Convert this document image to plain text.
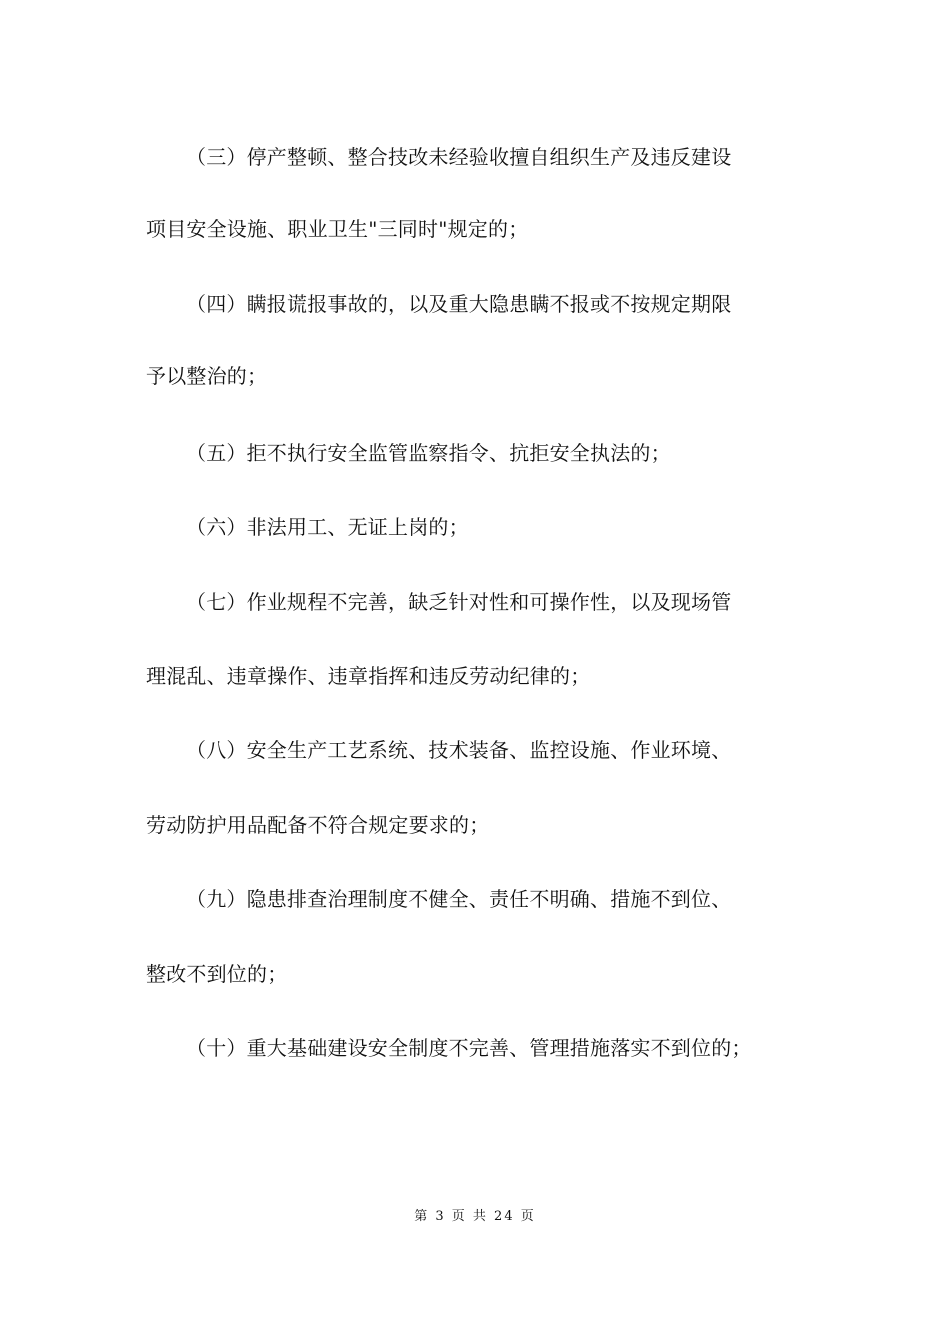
（三）停产整顿、整合技改未经验收擅自组织生产及违反建设
项目安全设施、职业卫生"三同时"规定的；
（四）瞒报谎报事故的，以及重大隐患瞒不报或不按规定期限
予以整治的；
（五）拒不执行安全监管监察指令、抗拒安全执法的；
（六）非法用工、无证上岗的；
（七）作业规程不完善，缺乏针对性和可操作性，以及现场管
理混乱、违章操作、违章指挥和违反劳动纪律的；
（八）安全生产工艺系统、技术装备、监控设施、作业环境、
劳动防护用品配备不符合规定要求的；
（九）隐患排查治理制度不健全、责任不明确、措施不到位、
整改不到位的；
（十）重大基础建设安全制度不完善、管理措施落实不到位的；
第 3 页 共 24 页
